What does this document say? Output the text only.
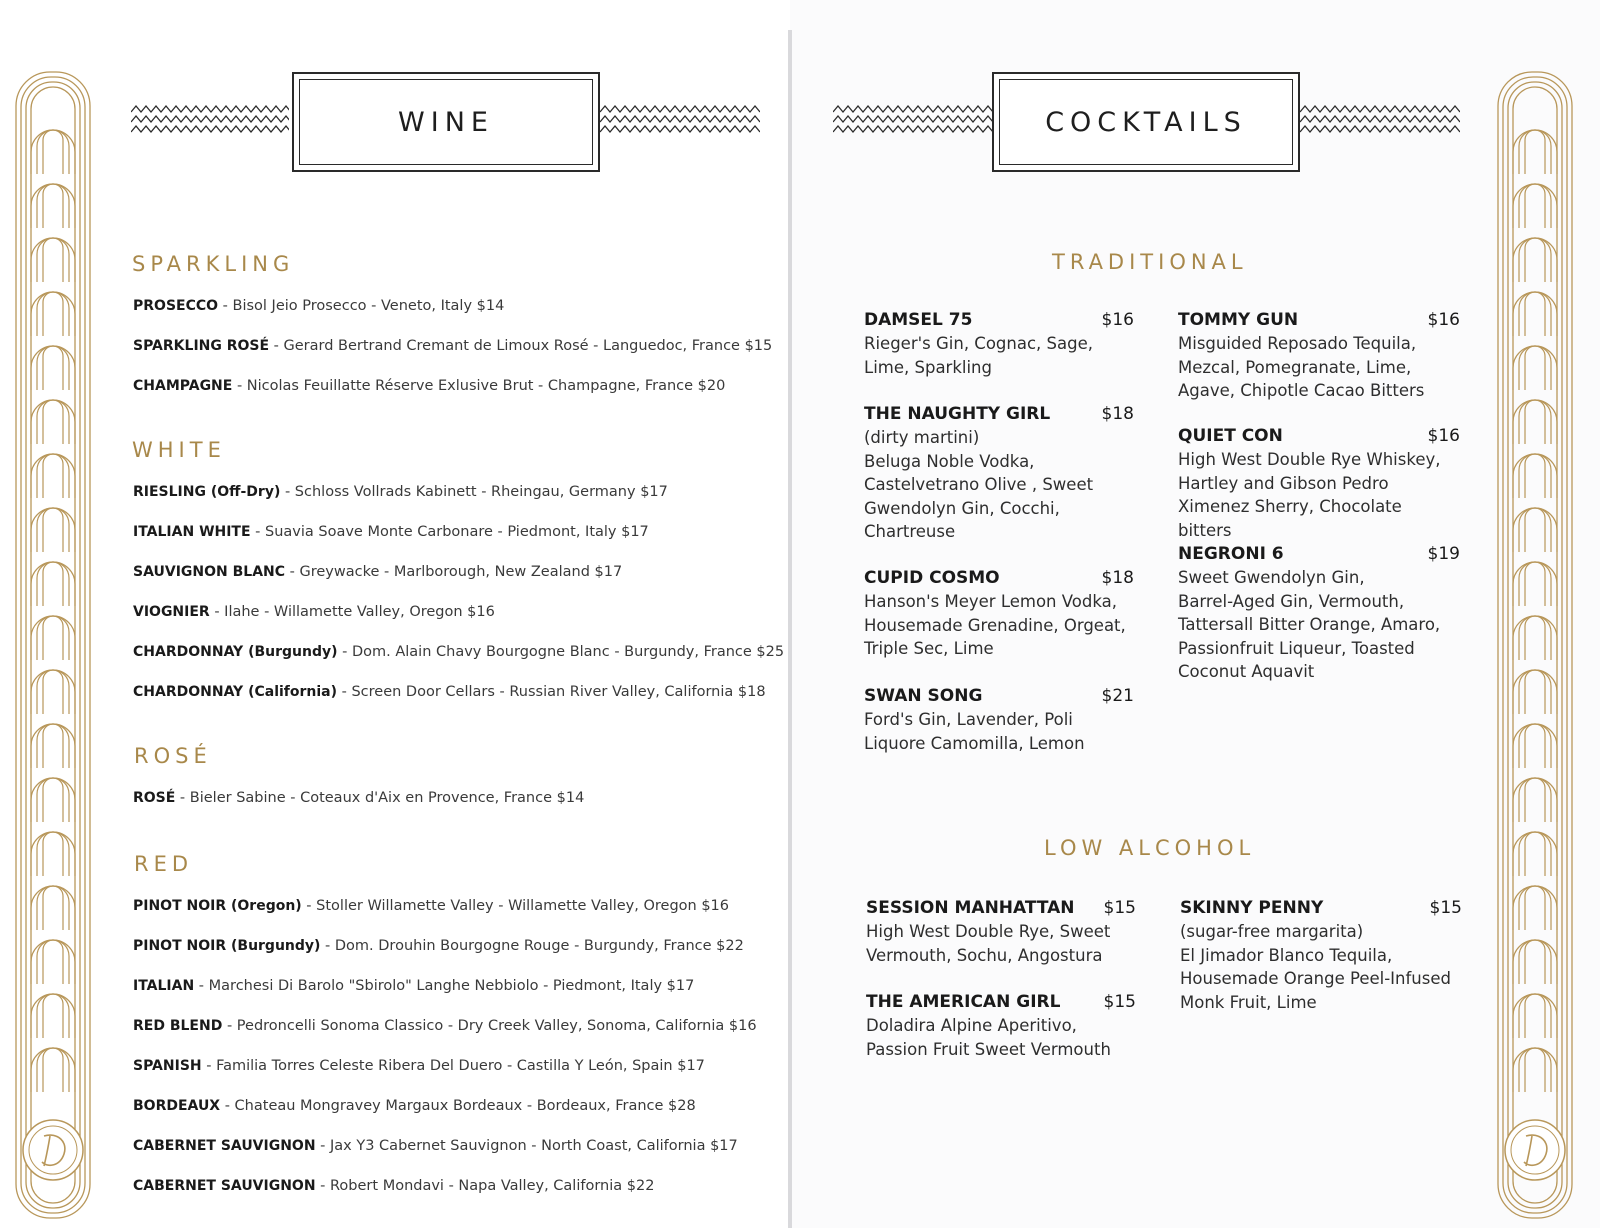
WINE	COCKTAILS
SPARKLING
PROSECCO - Bisol Jeio Prosecco - Veneto, Italy $14
SPARKLING ROSÉ - Gerard Bertrand Cremant de Limoux Rosé - Languedoc, France $15
CHAMPAGNE - Nicolas Feuillatte Réserve Exlusive Brut - Champagne, France $20
WHITE
RIESLING (Off-Dry) - Schloss Vollrads Kabinett - Rheingau, Germany $17
ITALIAN WHITE - Suavia Soave Monte Carbonare - Piedmont, Italy $17
SAUVIGNON BLANC - Greywacke - Marlborough, New Zealand $17
VIOGNIER - Ilahe - Willamette Valley, Oregon $16
CHARDONNAY (Burgundy) - Dom. Alain Chavy Bourgogne Blanc - Burgundy, France $25
CHARDONNAY (California) - Screen Door Cellars - Russian River Valley, California $18
ROSÉ
ROSÉ - Bieler Sabine - Coteaux d'Aix en Provence, France $14
RED
PINOT NOIR (Oregon) - Stoller Willamette Valley - Willamette Valley, Oregon $16
PINOT NOIR (Burgundy) - Dom. Drouhin Bourgogne Rouge - Burgundy, France $22
ITALIAN - Marchesi Di Barolo "Sbirolo" Langhe Nebbiolo - Piedmont, Italy $17
RED BLEND - Pedroncelli Sonoma Classico - Dry Creek Valley, Sonoma, California $16
SPANISH - Familia Torres Celeste Ribera Del Duero - Castilla Y León, Spain $17
BORDEAUX - Chateau Mongravey Margaux Bordeaux - Bordeaux, France $28
CABERNET SAUVIGNON - Jax Y3 Cabernet Sauvignon - North Coast, California $17
CABERNET SAUVIGNON - Robert Mondavi - Napa Valley, California $22
TRADITIONAL
DAMSEL 75	$16
Rieger's Gin, Cognac, Sage,
Lime, Sparkling
THE NAUGHTY GIRL	$18
(dirty martini)
Beluga Noble Vodka,
Castelvetrano Olive , Sweet
Gwendolyn Gin, Cocchi,
Chartreuse
CUPID COSMO	$18
Hanson's Meyer Lemon Vodka,
Housemade Grenadine, Orgeat,
Triple Sec, Lime
SWAN SONG	$21
Ford's Gin, Lavender, Poli
Liquore Camomilla, Lemon
TOMMY GUN	$16
Misguided Reposado Tequila,
Mezcal, Pomegranate, Lime,
Agave, Chipotle Cacao Bitters
QUIET CON	$16
High West Double Rye Whiskey,
Hartley and Gibson Pedro
Ximenez Sherry, Chocolate bitters
NEGRONI 6	$19
Sweet Gwendolyn Gin,
Barrel-Aged Gin, Vermouth,
Tattersall Bitter Orange, Amaro,
Passionfruit Liqueur, Toasted
Coconut Aquavit
LOW ALCOHOL
SESSION MANHATTAN $15
High West Double Rye, Sweet
Vermouth, Sochu, Angostura
THE AMERICAN GIRL	$15
Doladira Alpine Aperitivo,
Passion Fruit Sweet Vermouth
SKINNY PENNY	$15
(sugar-free margarita)
El Jimador Blanco Tequila,
Housemade Orange Peel-Infused
Monk Fruit, Lime
